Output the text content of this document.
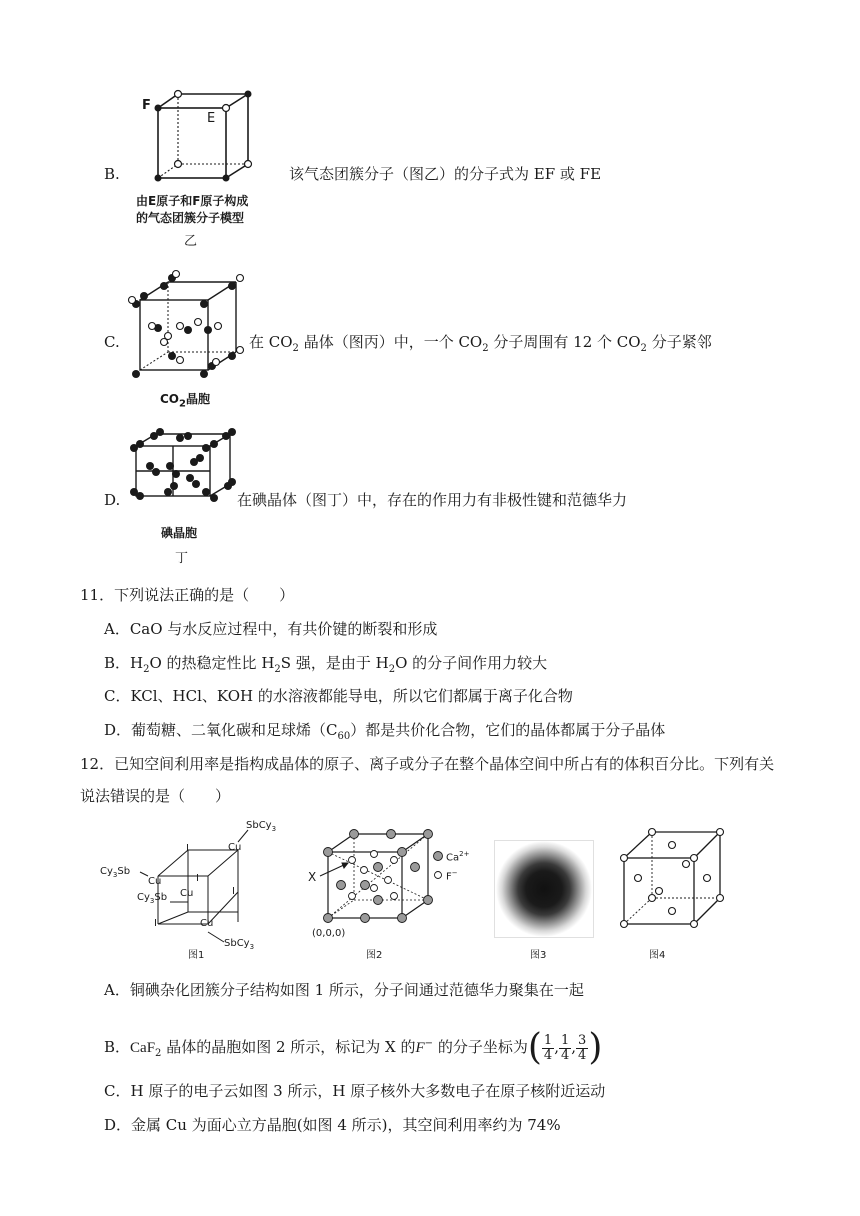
B.
F
E
由E原子和F原子构成
的气态团簇分子模型
乙
该气态团簇分子（图乙）的分子式为 EF 或 FE
C.
$CO_2$晶胞
在 $CO_2$ 晶体（图丙）中，一个 $CO_2$ 分子周围有 12 个 $CO_2$ 分子紧邻
D.
碘晶胞
丁
在碘晶体（图丁）中，存在的作用力有非极性键和范德华力
11．下列说法正确的是（　　）
A．CaO 与水反应过程中，有共价键的断裂和形成
B．$H_2O$ 的热稳定性比 $H_2S$ 强，是由于 $H_2O$ 的分子间作用力较大
C．KCl、HCl、KOH 的水溶液都能导电，所以它们都属于离子化合物
D．葡萄糖、二氧化碳和足球烯$(C_{60})$都是共价化合物，它们的晶体都属于分子晶体
12．已知空间利用率是指构成晶体的原子、离子或分子在整个晶体空间中所占有的体积百分比。下列有关
说法错误的是（　　）
SbCy$_3$
$Cy_3Sb$
$Cy_3Sb$
SbCy$_3$
Cu
Cu
Cu
Cu
I
I
I
I
图1
X
(0,0,0)
$Ca^{2+}$
F−
图2	图3	图4
A．铜碘杂化团簇分子结构如图 1 所示，分子间通过范德华力聚集在一起
B．CaF$_2$ 晶体的晶胞如图 2 所示，标记为 X 的F− 的分子坐标为( $\frac{1}{4}$ , $\frac{1}{4}$ , $\frac{3}{4}$ )
C．H 原子的电子云如图 3 所示，H 原子核外大多数电子在原子核附近运动
D．金属 Cu 为面心立方晶胞(如图 4 所示)，其空间利用率约为 74%
